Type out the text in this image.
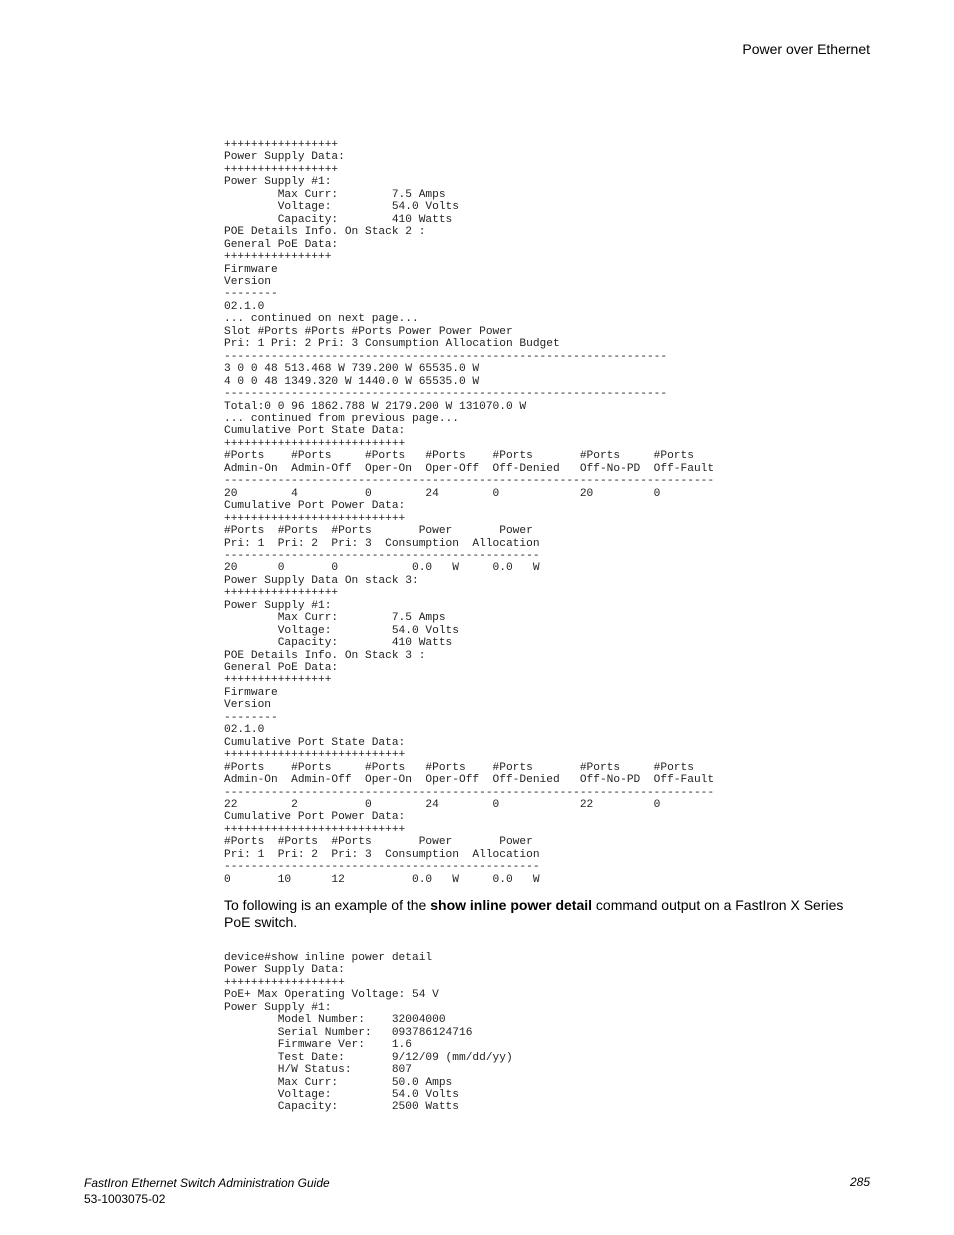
Power over Ethernet
+++++++++++++++++
Power Supply Data:
+++++++++++++++++
Power Supply #1:
Max Curr:        7.5 Amps
Voltage:         54.0 Volts
Capacity:        410 Watts
POE Details Info. On Stack 2 :
General PoE Data:
++++++++++++++++
Firmware
Version
--------
02.1.0
... continued on next page...
Slot #Ports #Ports #Ports Power Power Power
Pri: 1 Pri: 2 Pri: 3 Consumption Allocation Budget
------------------------------------------------------------------
3 0 0 48 513.468 W 739.200 W 65535.0 W
4 0 0 48 1349.320 W 1440.0 W 65535.0 W
------------------------------------------------------------------
Total:0 0 96 1862.788 W 2179.200 W 131070.0 W
... continued from previous page...
Cumulative Port State Data:
+++++++++++++++++++++++++++
#Ports    #Ports     #Ports   #Ports    #Ports       #Ports     #Ports
Admin-On  Admin-Off  Oper-On  Oper-Off  Off-Denied   Off-No-PD  Off-Fault
-------------------------------------------------------------------------
20        4          0        24        0            20         0
Cumulative Port Power Data:
+++++++++++++++++++++++++++
#Ports  #Ports  #Ports       Power       Power
Pri: 1  Pri: 2  Pri: 3  Consumption  Allocation
-----------------------------------------------
20      0       0           0.0   W     0.0   W
Power Supply Data On stack 3:
+++++++++++++++++
Power Supply #1:
Max Curr:        7.5 Amps
Voltage:         54.0 Volts
Capacity:        410 Watts
POE Details Info. On Stack 3 :
General PoE Data:
++++++++++++++++
Firmware
Version
--------
02.1.0
Cumulative Port State Data:
+++++++++++++++++++++++++++
#Ports    #Ports     #Ports   #Ports    #Ports       #Ports     #Ports
Admin-On  Admin-Off  Oper-On  Oper-Off  Off-Denied   Off-No-PD  Off-Fault
-------------------------------------------------------------------------
22        2          0        24        0            22         0
Cumulative Port Power Data:
+++++++++++++++++++++++++++
#Ports  #Ports  #Ports       Power       Power
Pri: 1  Pri: 2  Pri: 3  Consumption  Allocation
-----------------------------------------------
0       10      12          0.0   W     0.0   W
To following is an example of the show inline power detail command output on a FastIron X Series PoE switch.
device#show inline power detail
Power Supply Data:
++++++++++++++++++
PoE+ Max Operating Voltage: 54 V
Power Supply #1:
Model Number:    32004000
Serial Number:   093786124716
Firmware Ver:    1.6
Test Date:       9/12/09 (mm/dd/yy)
H/W Status:      807
Max Curr:        50.0 Amps
Voltage:         54.0 Volts
Capacity:        2500 Watts
FastIron Ethernet Switch Administration Guide
53-1003075-02
285
